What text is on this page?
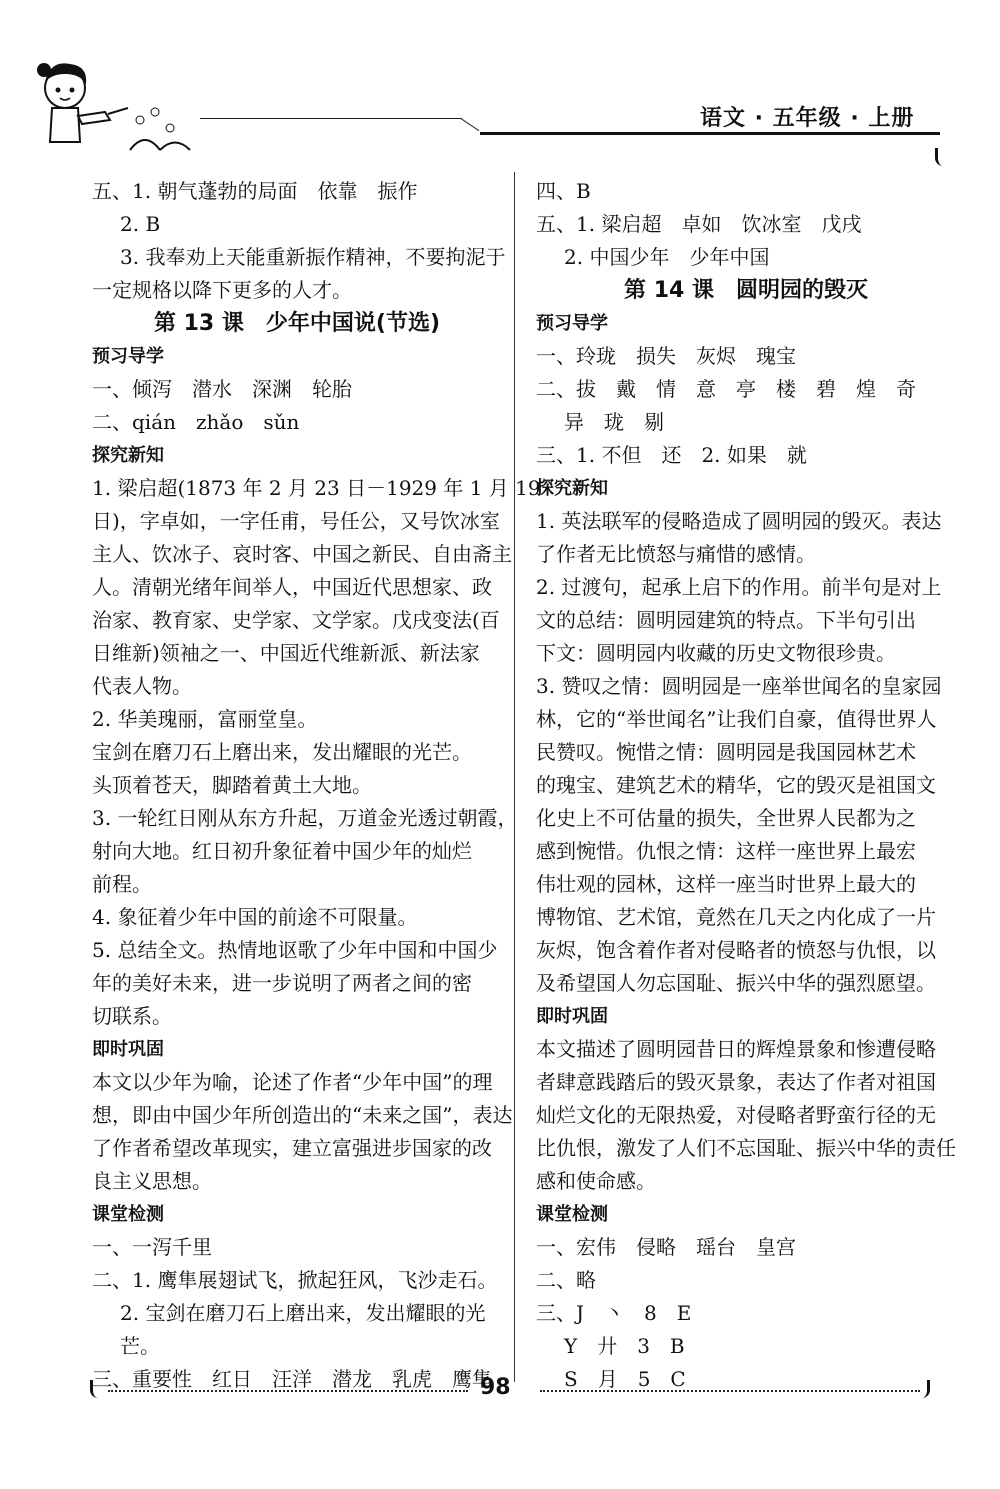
语文 · 五年级 · 上册
五、1. 朝气蓬勃的局面　依靠　振作
2. B
3. 我奉劝上天能重新振作精神，不要拘泥于
一定规格以降下更多的人才。
第 13 课　少年中国说(节选)
预习导学
一、倾泻　潜水　深渊　轮胎
二、qián　zhǎo　sǔn
探究新知
1. 梁启超(1873 年 2 月 23 日－1929 年 1 月 19
日)，字卓如，一字任甫，号任公，又号饮冰室
主人、饮冰子、哀时客、中国之新民、自由斋主
人。清朝光绪年间举人，中国近代思想家、政
治家、教育家、史学家、文学家。戊戌变法(百
日维新)领袖之一、中国近代维新派、新法家
代表人物。
2. 华美瑰丽，富丽堂皇。
宝剑在磨刀石上磨出来，发出耀眼的光芒。
头顶着苍天，脚踏着黄土大地。
3. 一轮红日刚从东方升起，万道金光透过朝霞，
射向大地。红日初升象征着中国少年的灿烂
前程。
4. 象征着少年中国的前途不可限量。
5. 总结全文。热情地讴歌了少年中国和中国少
年的美好未来，进一步说明了两者之间的密
切联系。
即时巩固
本文以少年为喻，论述了作者“少年中国”的理
想，即由中国少年所创造出的“未来之国”，表达
了作者希望改革现实，建立富强进步国家的改
良主义思想。
课堂检测
一、一泻千里
二、1. 鹰隼展翅试飞，掀起狂风，飞沙走石。
2. 宝剑在磨刀石上磨出来，发出耀眼的光
芒。
三、重要性　红日　汪洋　潜龙　乳虎　鹰隼
四、B
五、1. 梁启超　卓如　饮冰室　戊戌
2. 中国少年　少年中国
第 14 课　圆明园的毁灭
预习导学
一、玲珑　损失　灰烬　瑰宝
二、拔　戴　情　意　亭　楼　碧　煌　奇
异　珑　剔
三、1. 不但　还　2. 如果　就
探究新知
1. 英法联军的侵略造成了圆明园的毁灭。表达
了作者无比愤怒与痛惜的感情。
2. 过渡句，起承上启下的作用。前半句是对上
文的总结：圆明园建筑的特点。下半句引出
下文：圆明园内收藏的历史文物很珍贵。
3. 赞叹之情：圆明园是一座举世闻名的皇家园
林，它的“举世闻名”让我们自豪，值得世界人
民赞叹。惋惜之情：圆明园是我国园林艺术
的瑰宝、建筑艺术的精华，它的毁灭是祖国文
化史上不可估量的损失，全世界人民都为之
感到惋惜。仇恨之情：这样一座世界上最宏
伟壮观的园林，这样一座当时世界上最大的
博物馆、艺术馆，竟然在几天之内化成了一片
灰烬，饱含着作者对侵略者的愤怒与仇恨，以
及希望国人勿忘国耻、振兴中华的强烈愿望。
即时巩固
本文描述了圆明园昔日的辉煌景象和惨遭侵略
者肆意践踏后的毁灭景象，表达了作者对祖国
灿烂文化的无限热爱，对侵略者野蛮行径的无
比仇恨，激发了人们不忘国耻、振兴中华的责任
感和使命感。
课堂检测
一、宏伟　侵略　瑶台　皇宫
二、略
三、J　丶　8　E
Y　廾　3　B
S　月　5　C
98
